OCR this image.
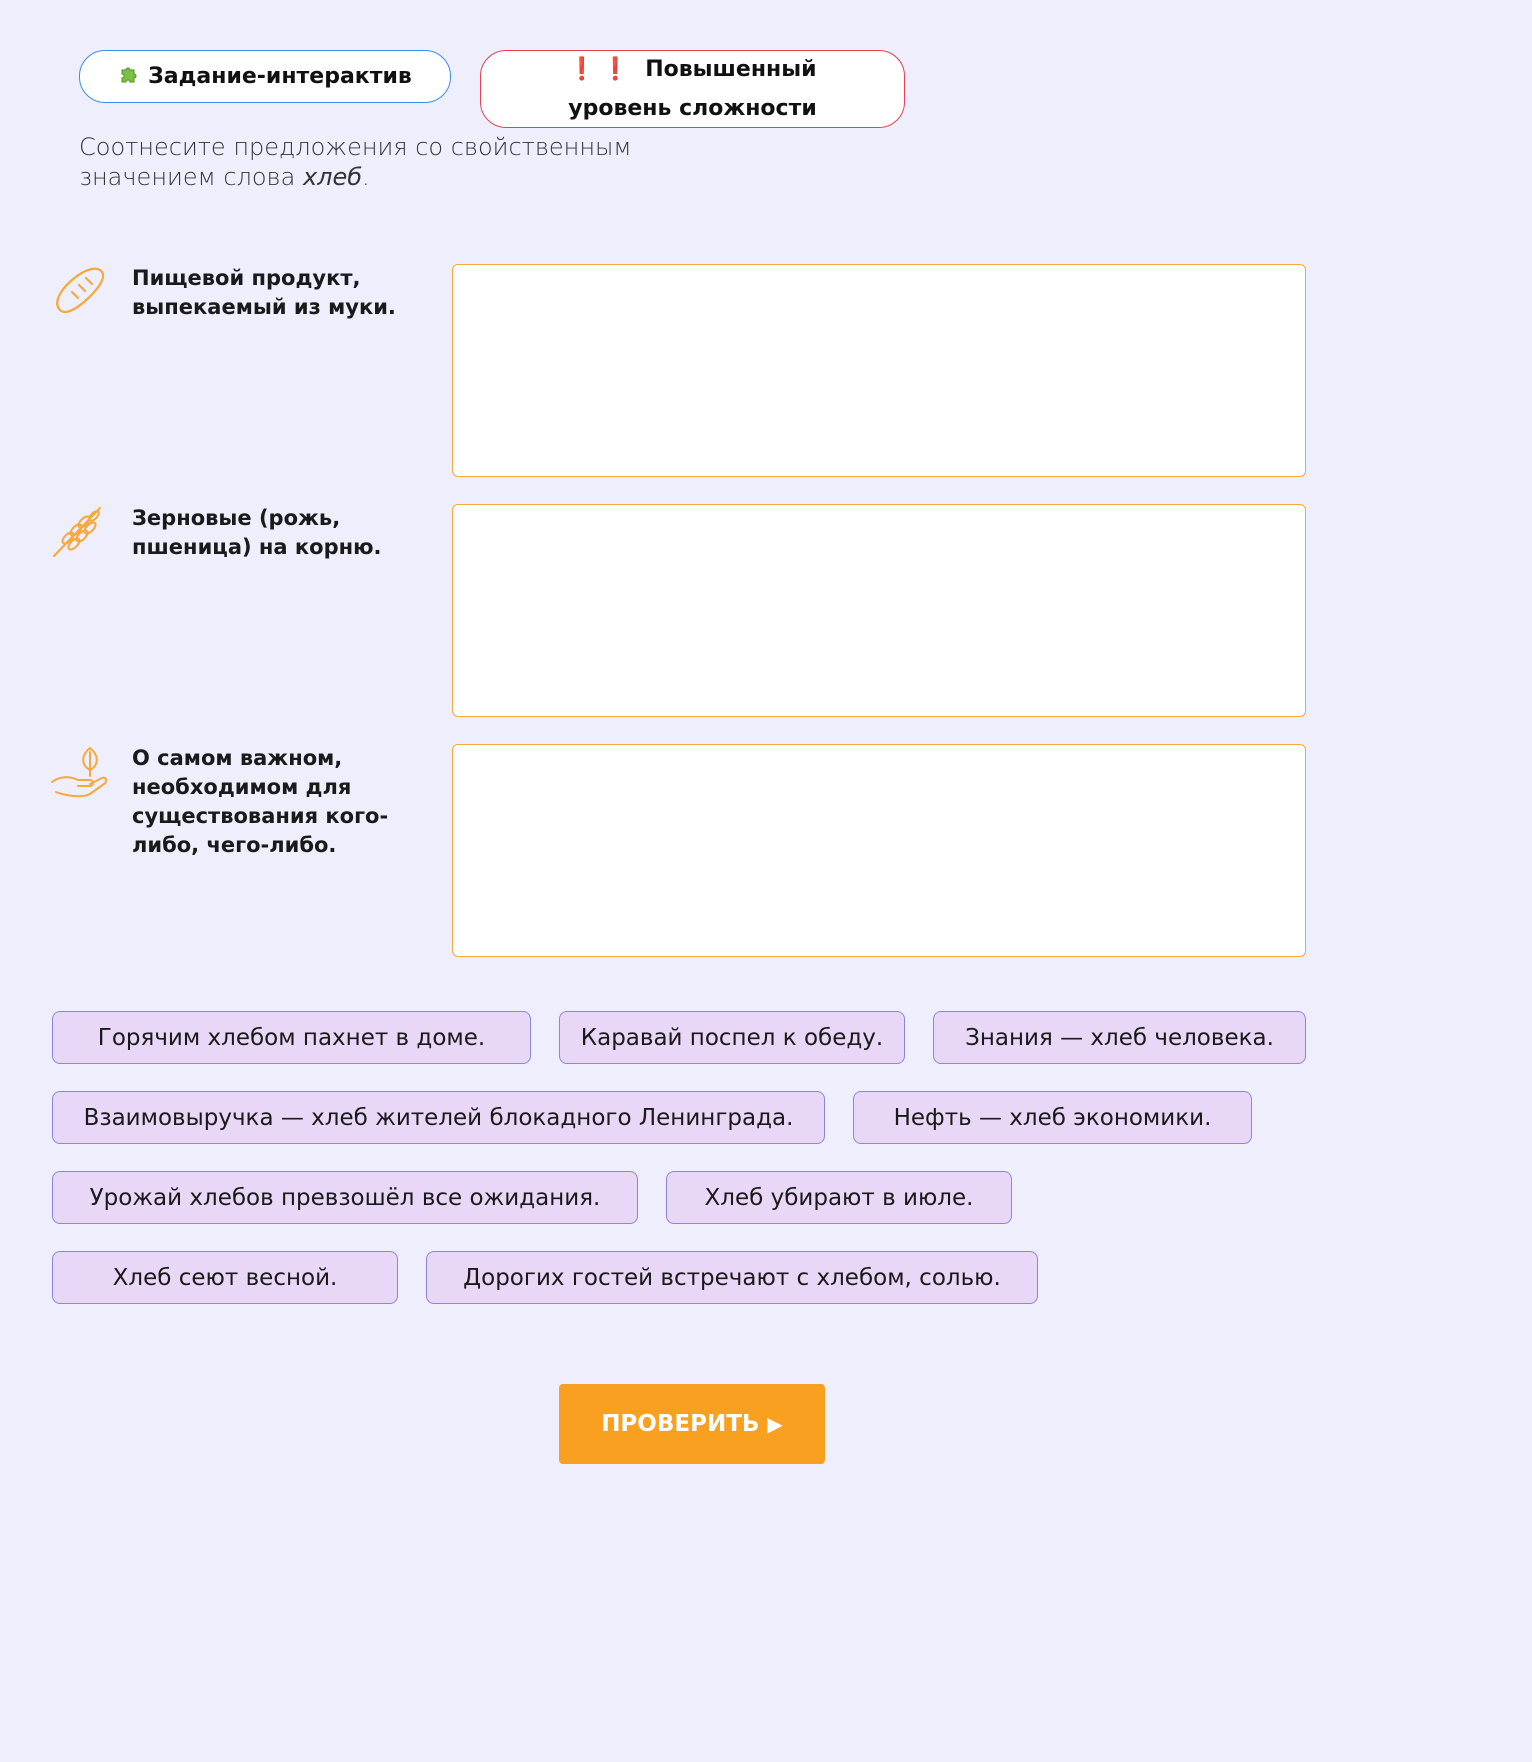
Задание-интерактив	❗❗ Повышенный уровень сложности
Соотнесите предложения со свойственным значением слова хлеб.
Пищевой продукт, выпекаемый из муки.
Зерновые (рожь, пшеница) на корню.
О самом важном, необходимом для существования кого-либо, чего-либо.
Горячим хлебом пахнет в доме.	Каравай поспел к обеду.	Знания — хлеб человека.
Взаимовыручка — хлеб жителей блокадного Ленинграда.	Нефть — хлеб экономики.
Урожай хлебов превзошёл все ожидания.	Хлеб убирают в июле.
Хлеб сеют весной.	Дорогих гостей встречают с хлебом, солью.
ПРОВЕРИТЬ ▶
